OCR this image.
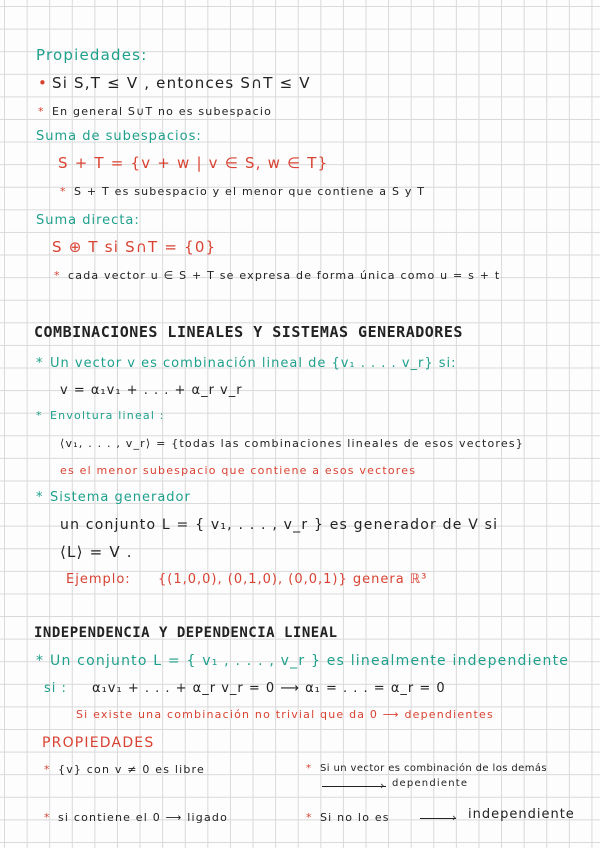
Propiedades:
• Si S,T ≤ V , entonces S∩T ≤ V
* En general S∪T no es subespacio
Suma de subespacios:
S + T = {v + w | v ∈ S, w ∈ T}
* S + T es subespacio y el menor que contiene a S y T
Suma directa:
S ⊕ T si S∩T = {0}
* cada vector u ∈ S + T se expresa de forma única como u = s + t
COMBINACIONES LINEALES Y SISTEMAS GENERADORES
* Un vector v es combinación lineal de {v₁ . . . . v_r} si:
v = α₁v₁ + . . . + α_r v_r
* Envoltura lineal :
⟨v₁, . . . , v_r⟩ = {todas las combinaciones lineales de esos vectores}
es el menor subespacio que contiene a esos vectores
* Sistema generador
un conjunto L = { v₁, . . . , v_r } es generador de V si
⟨L⟩ = V .
Ejemplo: {(1,0,0), (0,1,0), (0,0,1)} genera ℝ³
INDEPENDENCIA Y DEPENDENCIA LINEAL
* Un conjunto L = { v₁ , . . . , v_r } es linealmente independiente
si : α₁v₁ + . . . + α_r v_r = 0 ⟶ α₁ = . . . = α_r = 0
Si existe una combinación no trivial que da 0 ⟶ dependientes
PROPIEDADES
* {v} con v ≠ 0 es libre	* Si un vector es combinación de los demás
› dependiente
* si contiene el 0 ⟶ ligado	* Si no lo es	› independiente
